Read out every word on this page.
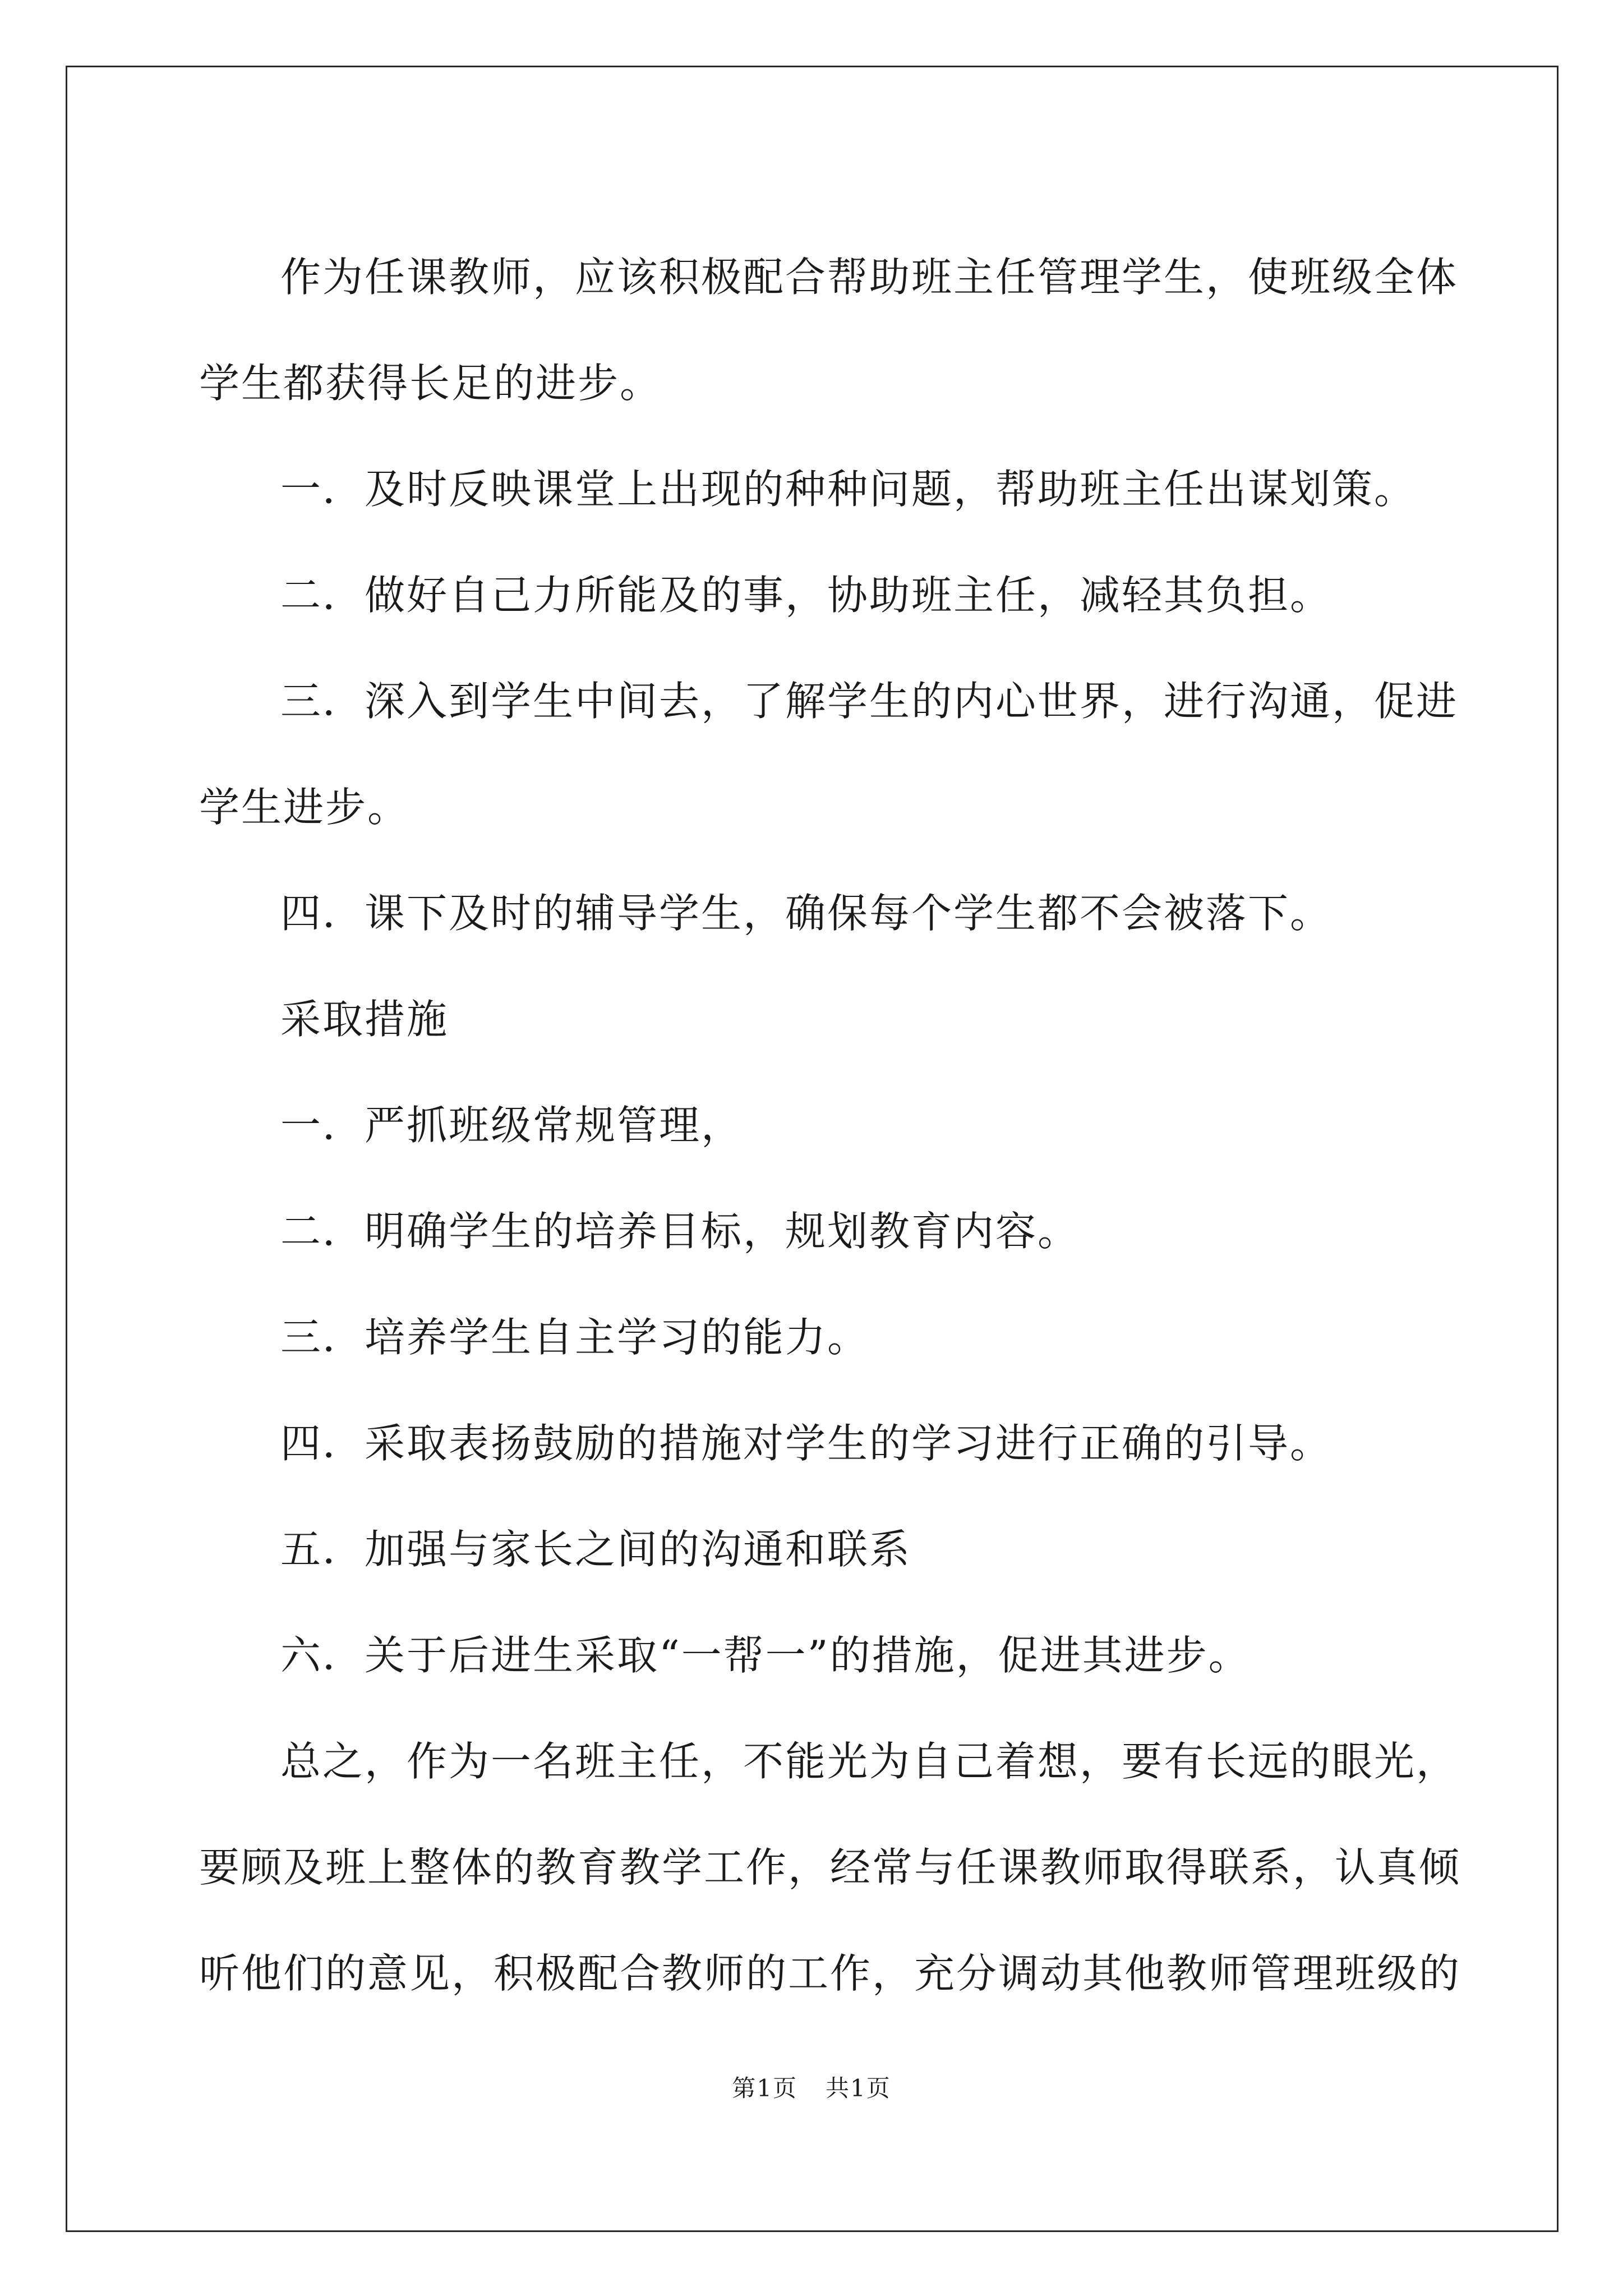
作为任课教师，应该积极配合帮助班主任管理学生，使班级全体

学生都获得长足的进步。

一．及时反映课堂上出现的种种问题，帮助班主任出谋划策。

二．做好自己力所能及的事，协助班主任，减轻其负担。

三．深入到学生中间去，了解学生的内心世界，进行沟通，促进

学生进步。

四．课下及时的辅导学生，确保每个学生都不会被落下。

采取措施

一．严抓班级常规管理，

二．明确学生的培养目标，规划教育内容。

三．培养学生自主学习的能力。

四．采取表扬鼓励的措施对学生的学习进行正确的引导。

五．加强与家长之间的沟通和联系

六．关于后进生采取“一帮一”的措施，促进其进步。

总之，作为一名班主任，不能光为自己着想，要有长远的眼光，

要顾及班上整体的教育教学工作，经常与任课教师取得联系，认真倾

听他们的意见，积极配合教师的工作，充分调动其他教师管理班级的

第1页 共1页
